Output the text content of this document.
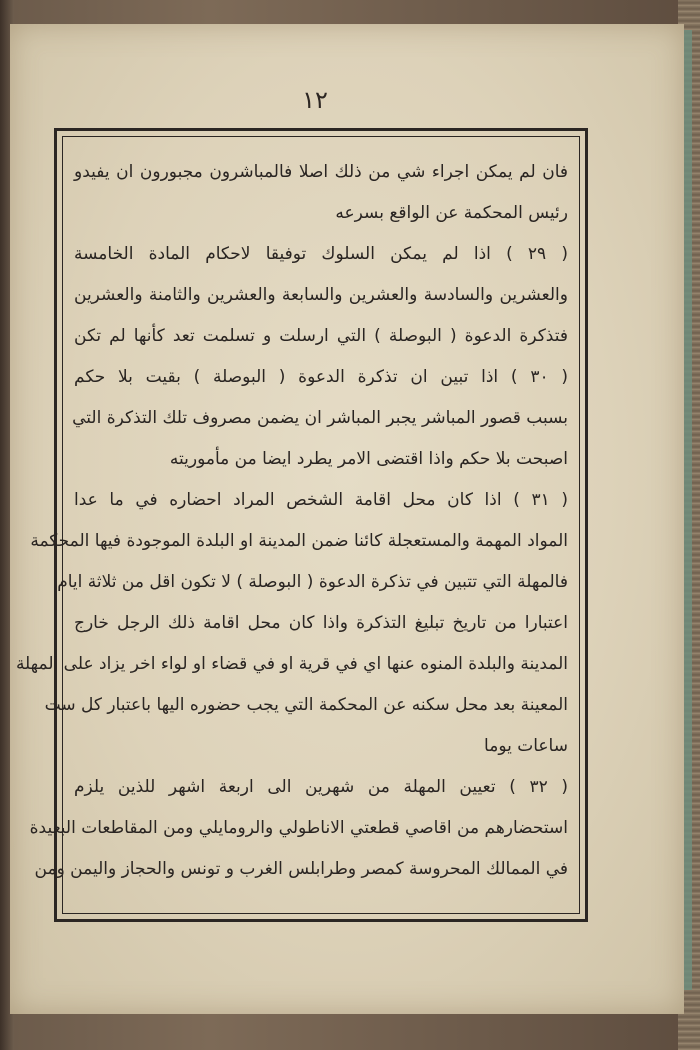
١٢
فان لم يمكن اجراء شي من ذلك اصلا فالمباشرون مجبورون ان يفيدو
رئيس المحكمة عن الواقع بسرعه
( ٢٩ ) اذا لم يمكن السلوك توفيقا لاحكام المادة الخامسة
والعشرين والسادسة والعشرين والسابعة والعشرين والثامنة والعشرين
فتذكرة الدعوة ( البوصلة ) التي ارسلت و تسلمت تعد كأنها لم تكن
( ٣٠ ) اذا تبين ان تذكرة الدعوة ( البوصلة ) بقيت بلا حكم
بسبب قصور المباشر يجبر المباشر ان يضمن مصروف تلك التذكرة التي
اصبحت بلا حكم واذا اقتضى الامر يطرد ايضا من مأموريته
( ٣١ ) اذا كان محل اقامة الشخص المراد احضاره في ما عدا
المواد المهمة والمستعجلة كائنا ضمن المدينة او البلدة الموجودة فيها المحكمة
فالمهلة التي تتبين في تذكرة الدعوة ( البوصلة ) لا تكون اقل من ثلاثة ايام
اعتبارا من تاريخ تبليغ التذكرة واذا كان محل اقامة ذلك الرجل خارج
المدينة والبلدة المنوه عنها اي في قرية او في قضاء او لواء اخر يزاد على المهلة
المعينة بعد محل سكنه عن المحكمة التي يجب حضوره اليها باعتبار كل ست
ساعات يوما
( ٣٢ ) تعيين المهلة من شهرين الى اربعة اشهر للذين يلزم
استحضارهم من اقاصي قطعتي الاناطولي والرومايلي ومن المقاطعات البعيدة
في الممالك المحروسة كمصر وطرابلس الغرب و تونس والحجاز واليمن ومن
